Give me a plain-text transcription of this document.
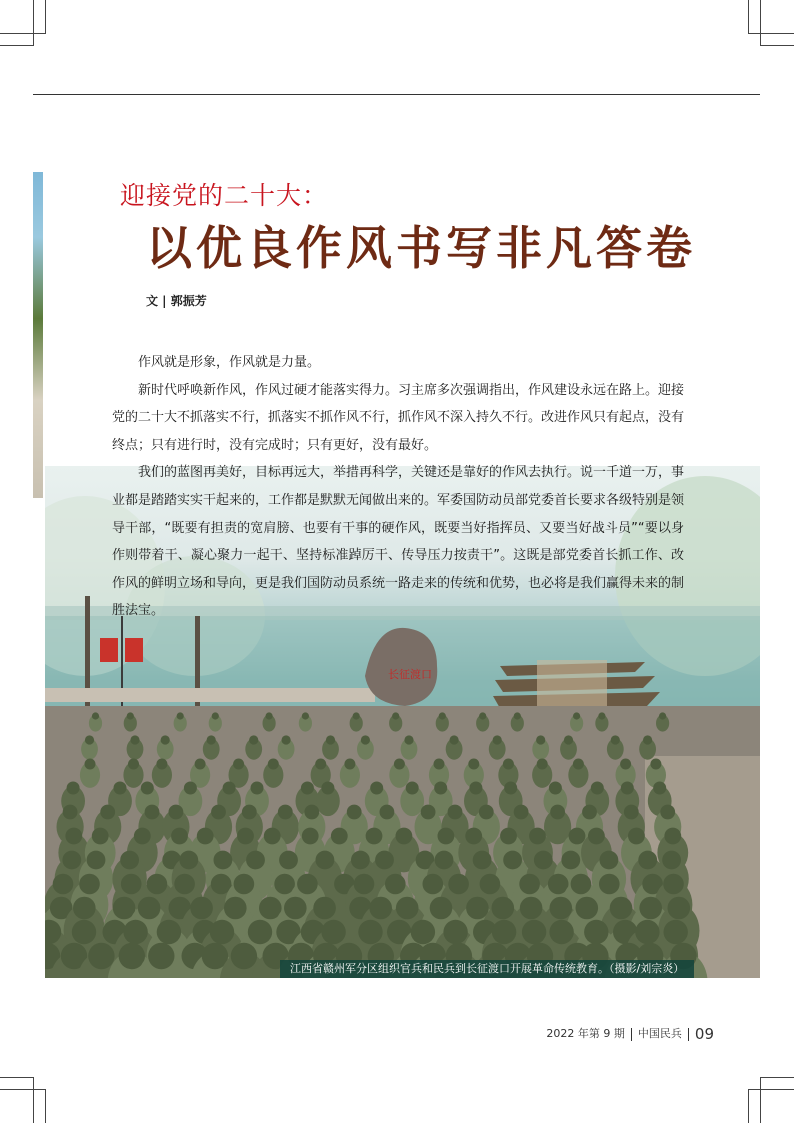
迎接党的二十大：
以优良作风书写非凡答卷
文 | 郭振芳
长征渡口

作风就是形象，作风就是力量。

新时代呼唤新作风，作风过硬才能落实得力。习主席多次强调指出，作风建设永远在路上。迎接党的二十大不抓落实不行，抓落实不抓作风不行，抓作风不深入持久不行。改进作风只有起点，没有终点；只有进行时，没有完成时；只有更好，没有最好。

我们的蓝图再美好，目标再远大，举措再科学，关键还是靠好的作风去执行。说一千道一万，事业都是踏踏实实干起来的，工作都是默默无闻做出来的。军委国防动员部党委首长要求各级特别是领导干部，“既要有担责的宽肩膀、也要有干事的硬作风，既要当好指挥员、又要当好战斗员”“要以身作则带着干、凝心聚力一起干、坚持标准踔厉干、传导压力按责干”。这既是部党委首长抓工作、改作风的鲜明立场和导向，更是我们国防动员系统一路走来的传统和优势，也必将是我们赢得未来的制胜法宝。

江西省赣州军分区组织官兵和民兵到长征渡口开展革命传统教育。（摄影/刘宗炎）
2022 年第 9 期 中国民兵 09
